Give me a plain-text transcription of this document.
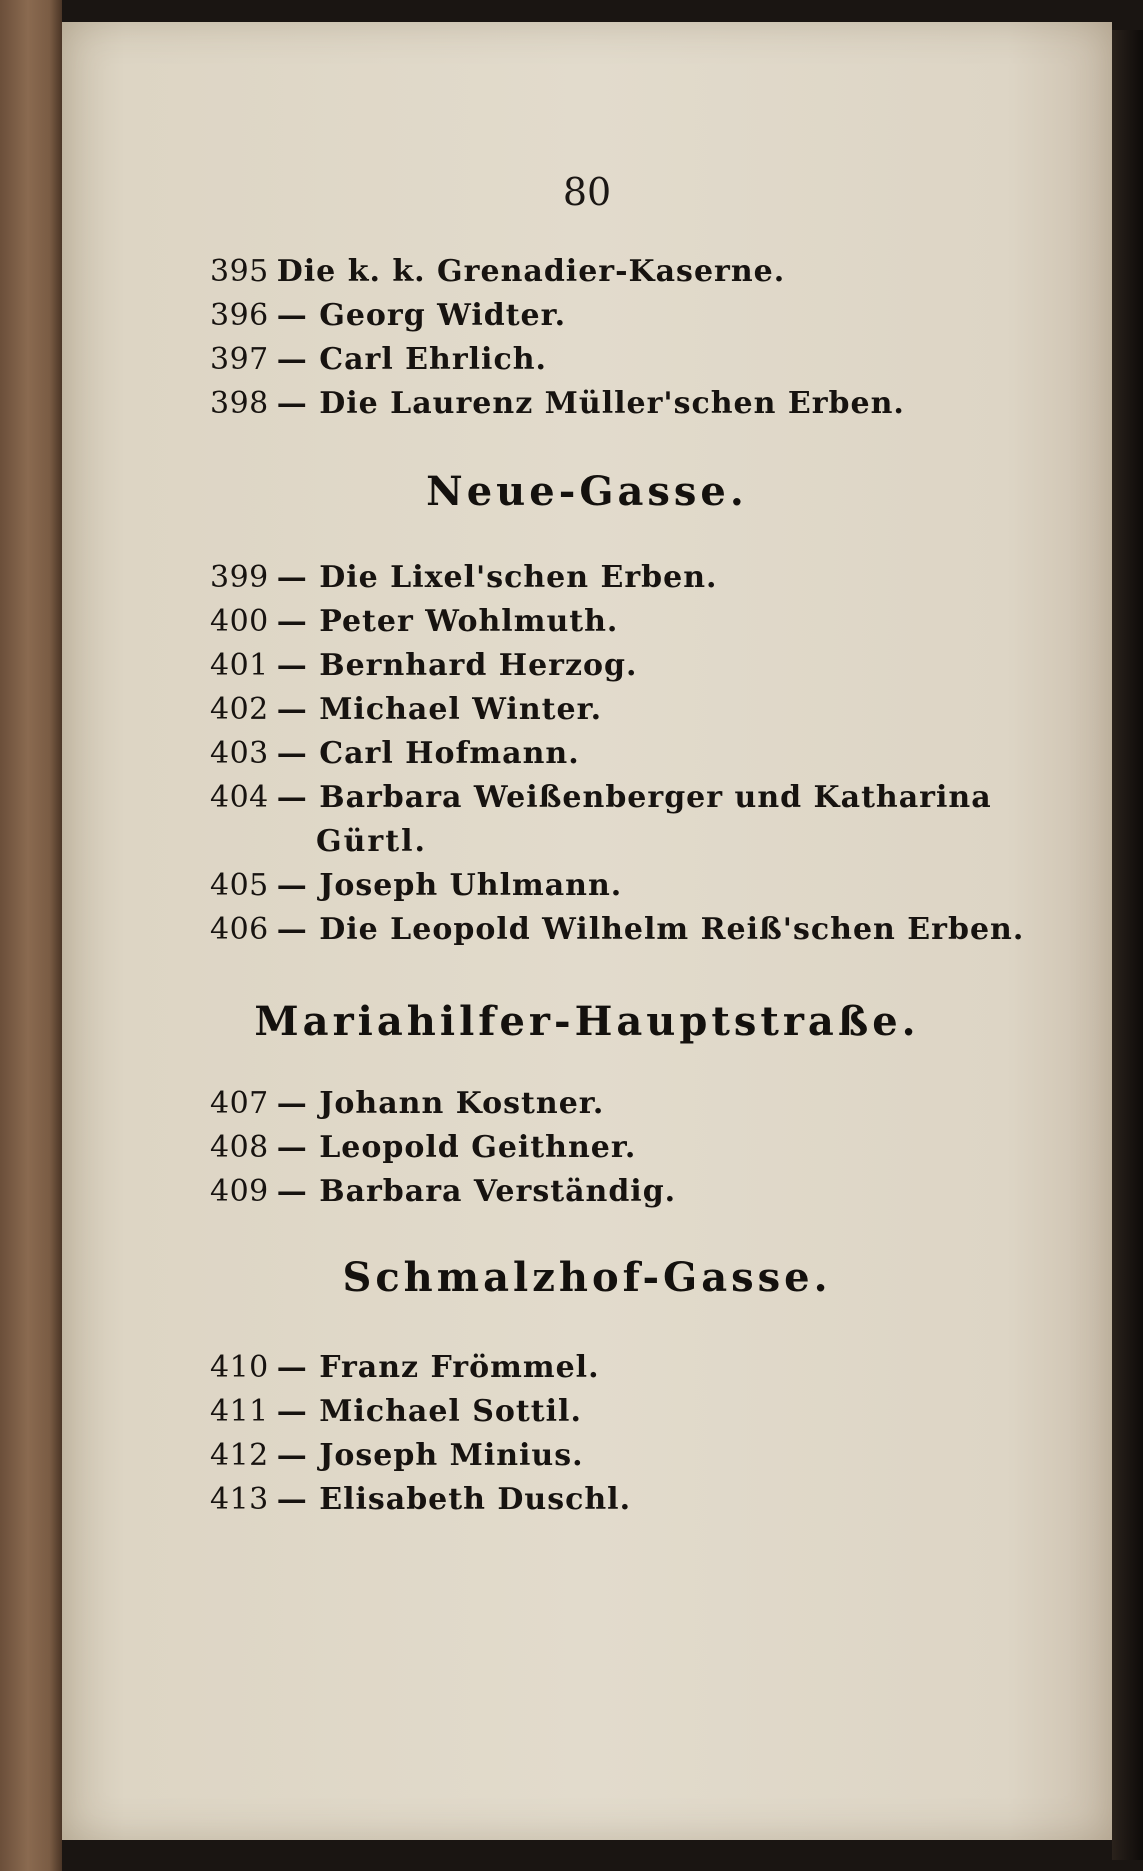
80
395 Die k. k. Grenadier-Kaserne.
396 — Georg Widter.
397 — Carl Ehrlich.
398 — Die Laurenz Müller'schen Erben.
Neue-Gasse.
399 — Die Lixel'schen Erben.
400 — Peter Wohlmuth.
401 — Bernhard Herzog.
402 — Michael Winter.
403 — Carl Hofmann.
404 — Barbara Weißenberger und Katharina
Gürtl.
405 — Joseph Uhlmann.
406 — Die Leopold Wilhelm Reiß'schen Erben.
Mariahilfer-Hauptstraße.
407 — Johann Kostner.
408 — Leopold Geithner.
409 — Barbara Verständig.
Schmalzhof-Gasse.
410 — Franz Frömmel.
411 — Michael Sottil.
412 — Joseph Minius.
413 — Elisabeth Duschl.
